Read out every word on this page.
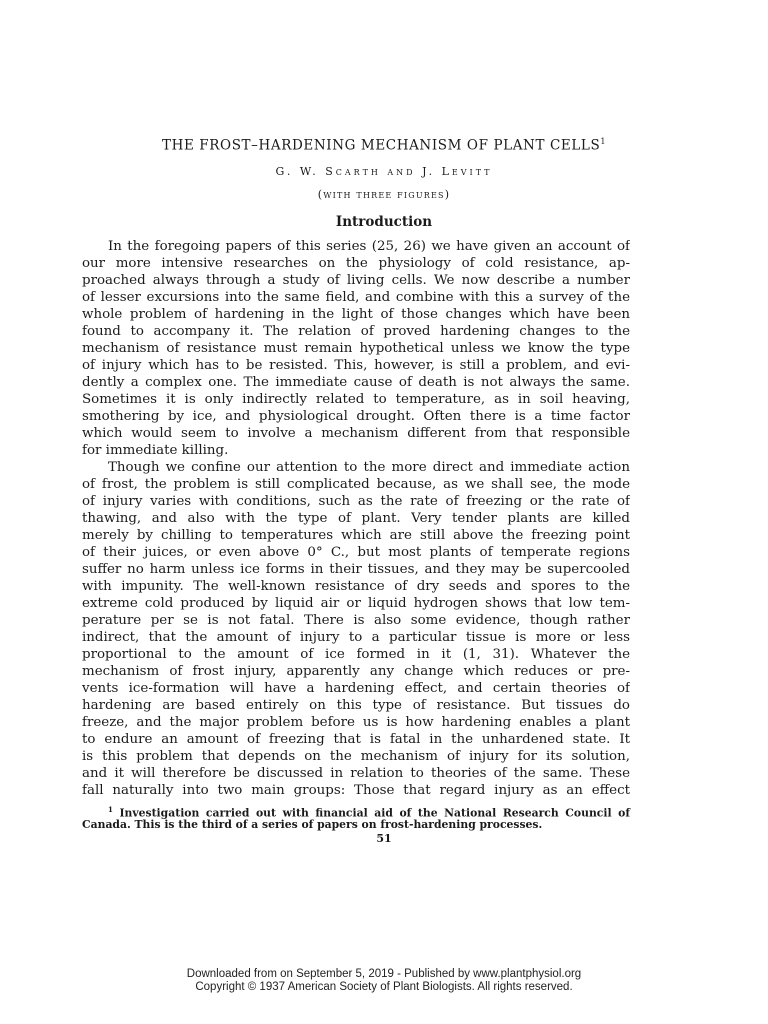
THE FROST–HARDENING MECHANISM OF PLANT CELLS$^1$
G. W. Scarth and J. Levitt
(with three figures)
Introduction
In the foregoing papers of this series (25, 26) we have given an account of
our more intensive researches on the physiology of cold resistance, ap-
proached always through a study of living cells. We now describe a number
of lesser excursions into the same field, and combine with this a survey of the
whole problem of hardening in the light of those changes which have been
found to accompany it. The relation of proved hardening changes to the
mechanism of resistance must remain hypothetical unless we know the type
of injury which has to be resisted. This, however, is still a problem, and evi-
dently a complex one. The immediate cause of death is not always the same.
Sometimes it is only indirectly related to temperature, as in soil heaving,
smothering by ice, and physiological drought. Often there is a time factor
which would seem to involve a mechanism different from that responsible
for immediate killing.
Though we confine our attention to the more direct and immediate action
of frost, the problem is still complicated because, as we shall see, the mode
of injury varies with conditions, such as the rate of freezing or the rate of
thawing, and also with the type of plant. Very tender plants are killed
merely by chilling to temperatures which are still above the freezing point
of their juices, or even above 0° C., but most plants of temperate regions
suffer no harm unless ice forms in their tissues, and they may be supercooled
with impunity. The well-known resistance of dry seeds and spores to the
extreme cold produced by liquid air or liquid hydrogen shows that low tem-
perature per se is not fatal. There is also some evidence, though rather
indirect, that the amount of injury to a particular tissue is more or less
proportional to the amount of ice formed in it (1, 31). Whatever the
mechanism of frost injury, apparently any change which reduces or pre-
vents ice-formation will have a hardening effect, and certain theories of
hardening are based entirely on this type of resistance. But tissues do
freeze, and the major problem before us is how hardening enables a plant
to endure an amount of freezing that is fatal in the unhardened state. It
is this problem that depends on the mechanism of injury for its solution,
and it will therefore be discussed in relation to theories of the same. These
fall naturally into two main groups: Those that regard injury as an effect
$^1$ Investigation carried out with financial aid of the National Research Council of
Canada. This is the third of a series of papers on frost-hardening processes.
51
Downloaded from on September 5, 2019 - Published by www.plantphysiol.org
Copyright © 1937 American Society of Plant Biologists. All rights reserved.
